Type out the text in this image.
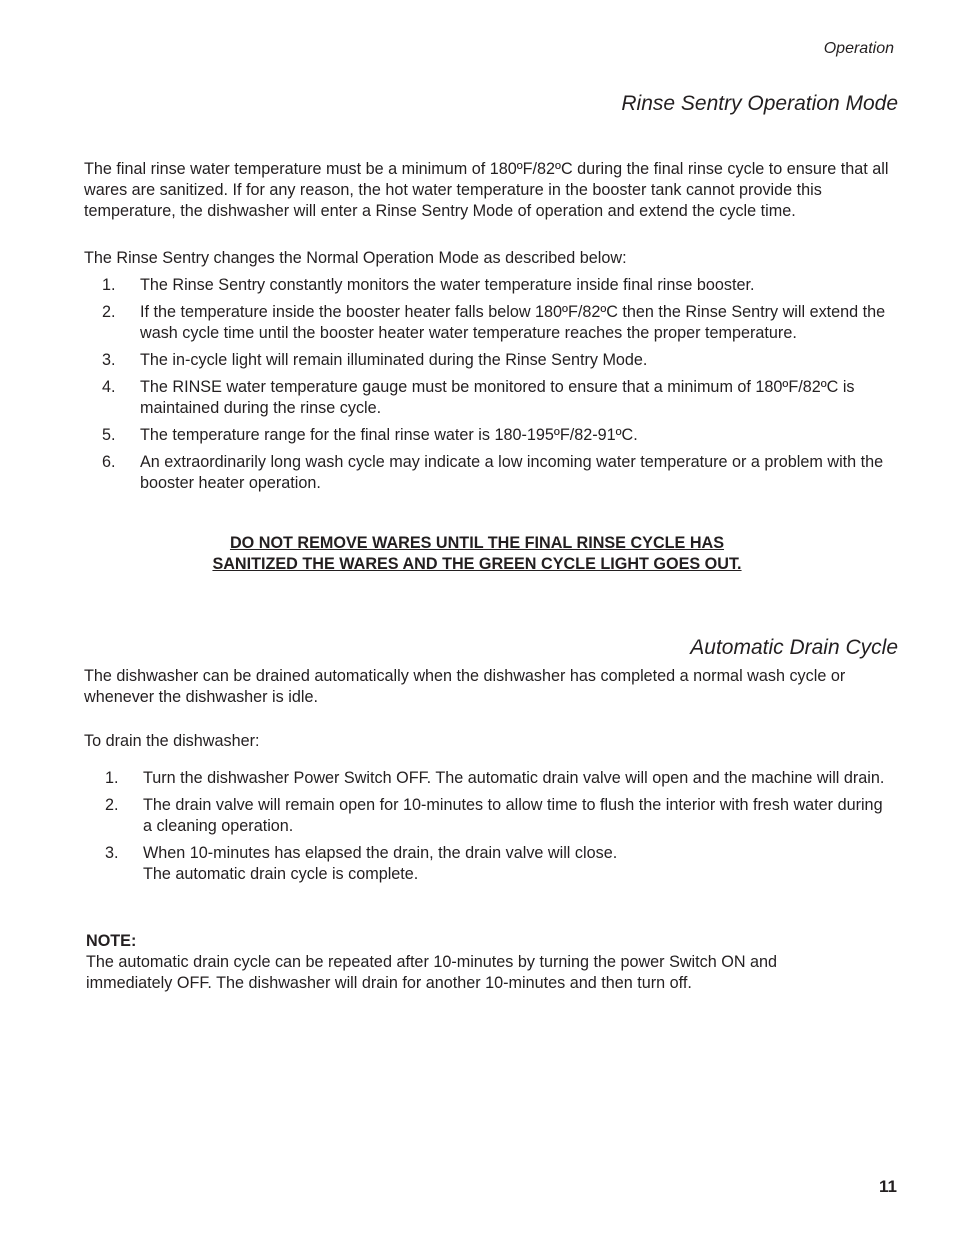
Operation
Rinse Sentry Operation Mode
The final rinse water temperature must be a minimum of 180ºF/82ºC during the final rinse cycle to ensure that all wares are sanitized. If for any reason, the hot water temperature in the booster tank cannot provide this temperature, the dishwasher will enter a Rinse Sentry Mode of operation and extend the cycle time.
The Rinse Sentry changes the Normal Operation Mode as described below:
1. The Rinse Sentry constantly monitors the water temperature inside final rinse booster.
2. If the temperature inside the booster heater falls below 180ºF/82ºC then the Rinse Sentry will extend the wash cycle time until the booster heater water temperature reaches the proper temperature.
3. The in-cycle light will remain illuminated during the Rinse Sentry Mode.
4. The RINSE water temperature gauge must be monitored to ensure that a minimum of 180ºF/82ºC is maintained during the rinse cycle.
5. The temperature range for the final rinse water is 180-195ºF/82-91ºC.
6. An extraordinarily long wash cycle may indicate a low incoming water temperature or a problem with the booster heater operation.
DO NOT REMOVE WARES UNTIL THE FINAL RINSE CYCLE HAS
SANITIZED THE WARES AND THE GREEN CYCLE LIGHT GOES OUT.
Automatic Drain Cycle
The dishwasher can be drained automatically when the dishwasher has completed a normal wash cycle or whenever the dishwasher is idle.
To drain the dishwasher:
1. Turn the dishwasher Power Switch OFF. The automatic drain valve will open and the machine will drain.
2. The drain valve will remain open for 10-minutes to allow time to flush the interior with fresh water during a cleaning operation.
3. When 10-minutes has elapsed the drain, the drain valve will close.
The automatic drain cycle is complete.
NOTE:
The automatic drain cycle can be repeated after 10-minutes by turning the power Switch ON and immediately OFF. The dishwasher will drain for another 10-minutes and then turn off.
11
